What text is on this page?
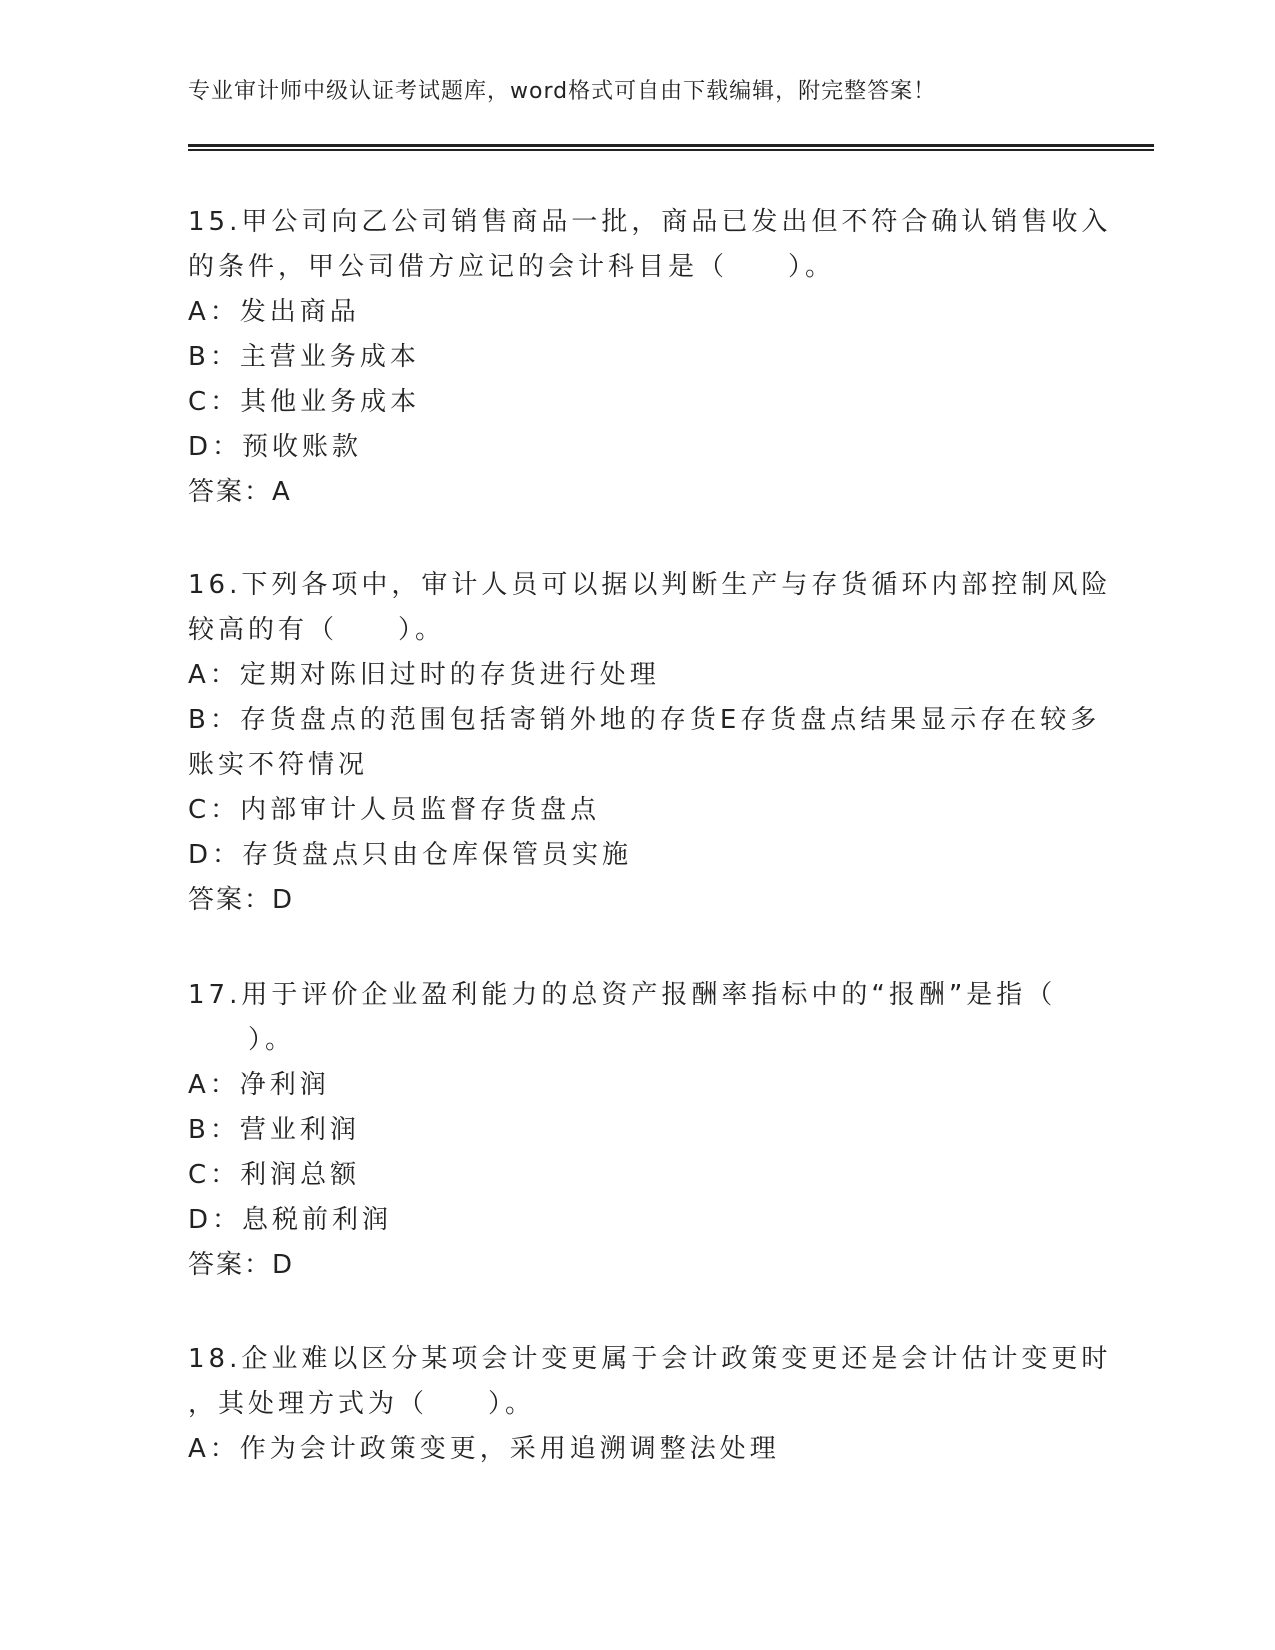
专业审计师中级认证考试题库，word格式可自由下载编辑，附完整答案！
15.甲公司向乙公司销售商品一批，商品已发出但不符合确认销售收入
的条件，甲公司借方应记的会计科目是（　　）。
A：发出商品
B：主营业务成本
C：其他业务成本
D：预收账款
答案：A
16.下列各项中，审计人员可以据以判断生产与存货循环内部控制风险
较高的有（　　）。
A：定期对陈旧过时的存货进行处理
B：存货盘点的范围包括寄销外地的存货E存货盘点结果显示存在较多
账实不符情况
C：内部审计人员监督存货盘点
D：存货盘点只由仓库保管员实施
答案：D
17.用于评价企业盈利能力的总资产报酬率指标中的“报酬”是指（
　　）。
A：净利润
B：营业利润
C：利润总额
D：息税前利润
答案：D
18.企业难以区分某项会计变更属于会计政策变更还是会计估计变更时
，其处理方式为（　　）。
A：作为会计政策变更，采用追溯调整法处理
